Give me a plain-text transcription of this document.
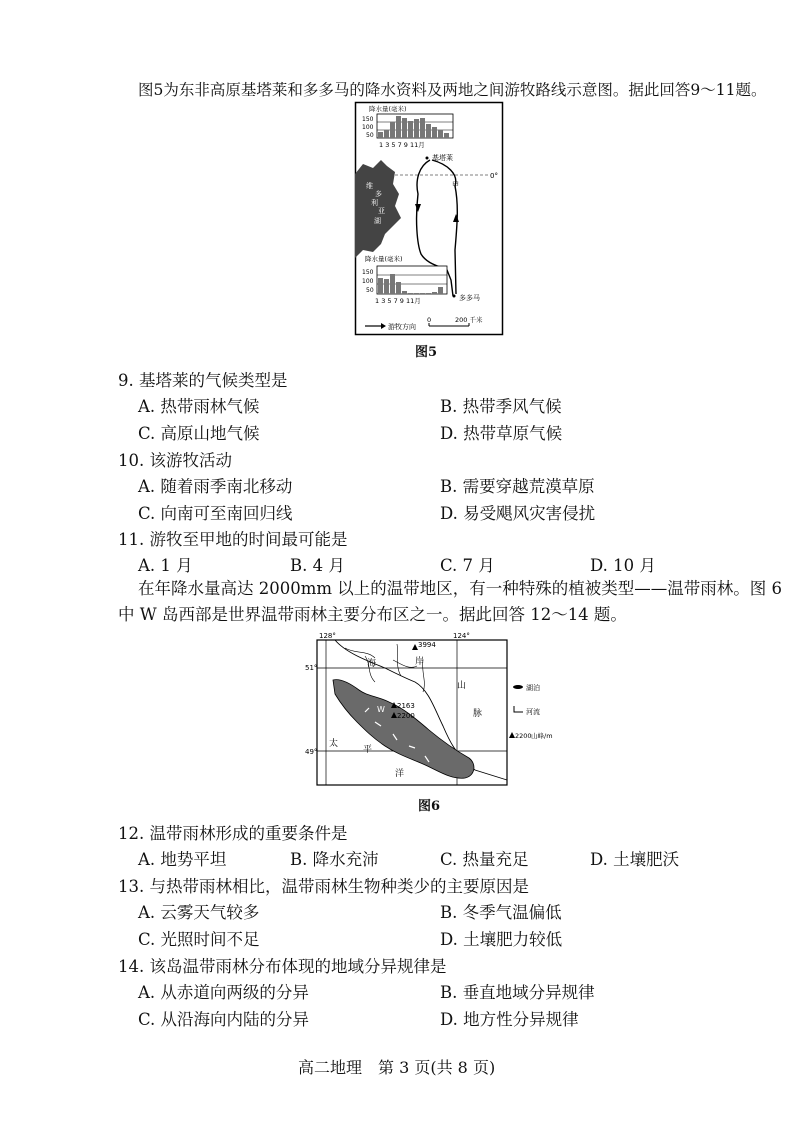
图5为东非高原基塔莱和多多马的降水资料及两地之间游牧路线示意图。据此回答9～11题。
降水量(毫米)
150
100
50
1 3 5 7 9 11月
基塔莱
0°
甲
维
多
利
亚
湖
降水量(毫米)
150
100
50
1 3 5 7 9 11月	多多马
游牧方向
0	200 千米
图5
9. 基塔莱的气候类型是
A. 热带雨林气候	B. 热带季风气候
C. 高原山地气候	D. 热带草原气候
10. 该游牧活动
A. 随着雨季南北移动	B. 需要穿越荒漠草原
C. 向南可至南回归线	D. 易受飓风灾害侵扰
11. 游牧至甲地的时间最可能是
A. 1 月	B. 4 月	C. 7 月	D. 10 月
在年降水量高达 2000mm 以上的温带地区，有一种特殊的植被类型——温带雨林。图 6
中 W 岛西部是世界温带雨林主要分布区之一。据此回答 12～14 题。
128°	124°
51°
49°
3994
2163
2200
W
海	岸
山
脉
太
平
洋
湖泊
河流
2200 山峰/m
图6
12. 温带雨林形成的重要条件是
A. 地势平坦	B. 降水充沛	C. 热量充足	D. 土壤肥沃
13. 与热带雨林相比，温带雨林生物种类少的主要原因是
A. 云雾天气较多	B. 冬季气温偏低
C. 光照时间不足	D. 土壤肥力较低
14. 该岛温带雨林分布体现的地域分异规律是
A. 从赤道向两级的分异	B. 垂直地域分异规律
C. 从沿海向内陆的分异	D. 地方性分异规律
高二地理　第 3 页(共 8 页)
